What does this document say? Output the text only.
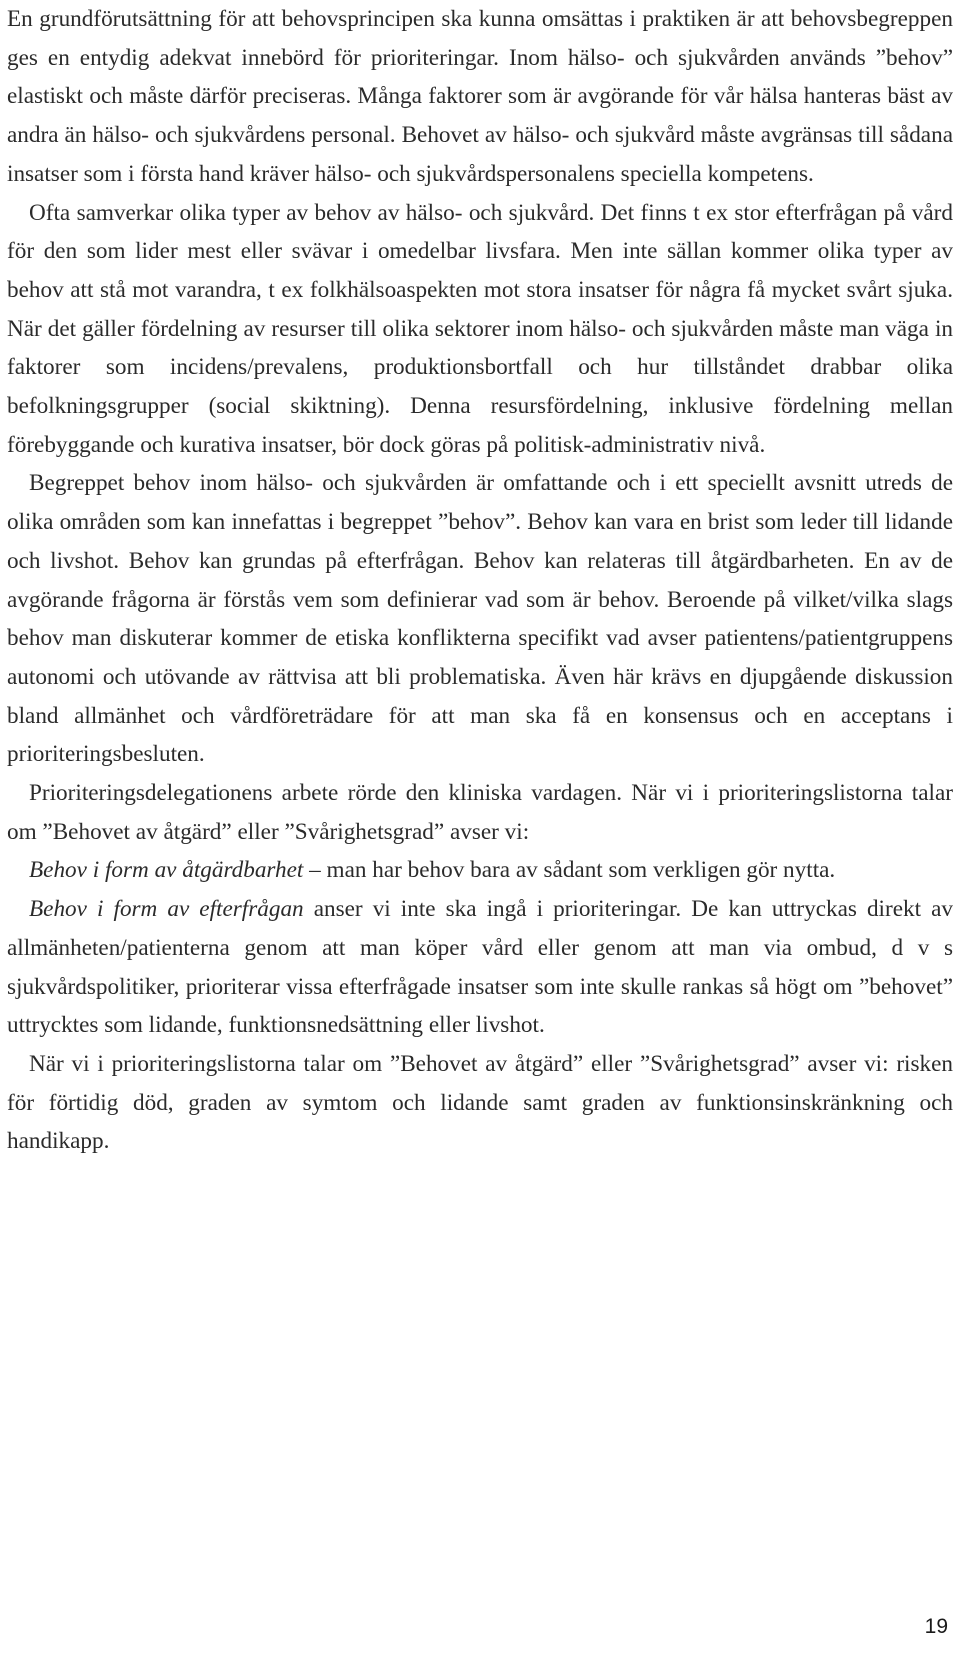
En grundförutsättning för att behovsprincipen ska kunna omsättas i praktiken är att behovsbegreppen ges en entydig adekvat innebörd för prioriteringar. Inom hälso- och sjukvården används ”behov” elastiskt och måste därför preciseras. Många faktorer som är avgörande för vår hälsa hanteras bäst av andra än hälso- och sjukvårdens personal. Behovet av hälso- och sjukvård måste avgränsas till sådana insatser som i första hand kräver hälso- och sjukvårdspersonalens speciella kompetens.

Ofta samverkar olika typer av behov av hälso- och sjukvård. Det finns t ex stor efterfrågan på vård för den som lider mest eller svävar i omedelbar livsfara. Men inte sällan kommer olika typer av behov att stå mot varandra, t ex folkhälsoaspekten mot stora insatser för några få mycket svårt sjuka. När det gäller fördelning av resurser till olika sektorer inom hälso- och sjukvården måste man väga in faktorer som incidens/prevalens, produktionsbortfall och hur tillståndet drabbar olika befolkningsgrupper (social skiktning). Denna resursfördelning, inklusive fördelning mellan förebyggande och kurativa insatser, bör dock göras på politisk-administrativ nivå.

Begreppet behov inom hälso- och sjukvården är omfattande och i ett speciellt avsnitt utreds de olika områden som kan innefattas i begreppet ”behov”. Behov kan vara en brist som leder till lidande och livshot. Behov kan grundas på efterfrågan. Behov kan relateras till åtgärdbarheten. En av de avgörande frågorna är förstås vem som definierar vad som är behov. Beroende på vilket/vilka slags behov man diskuterar kommer de etiska konflikterna specifikt vad avser patientens/patientgruppens autonomi och utövande av rättvisa att bli problematiska. Även här krävs en djupgående diskussion bland allmänhet och vårdföreträdare för att man ska få en konsensus och en acceptans i prioriteringsbesluten.

Prioriteringsdelegationens arbete rörde den kliniska vardagen. När vi i prioriteringslistorna talar om ”Behovet av åtgärd” eller ”Svårighetsgrad” avser vi:

Behov i form av åtgärdbarhet – man har behov bara av sådant som verkligen gör nytta.

Behov i form av efterfrågan anser vi inte ska ingå i prioriteringar. De kan uttryckas direkt av allmänheten/patienterna genom att man köper vård eller genom att man via ombud, d v s sjukvårdspolitiker, prioriterar vissa efterfrågade insatser som inte skulle rankas så högt om ”behovet” uttrycktes som lidande, funktionsnedsättning eller livshot.

När vi i prioriteringslistorna talar om ”Behovet av åtgärd” eller ”Svårighetsgrad” avser vi: risken för förtidig död, graden av symtom och lidande samt graden av funktionsinskränkning och handikapp.

19
